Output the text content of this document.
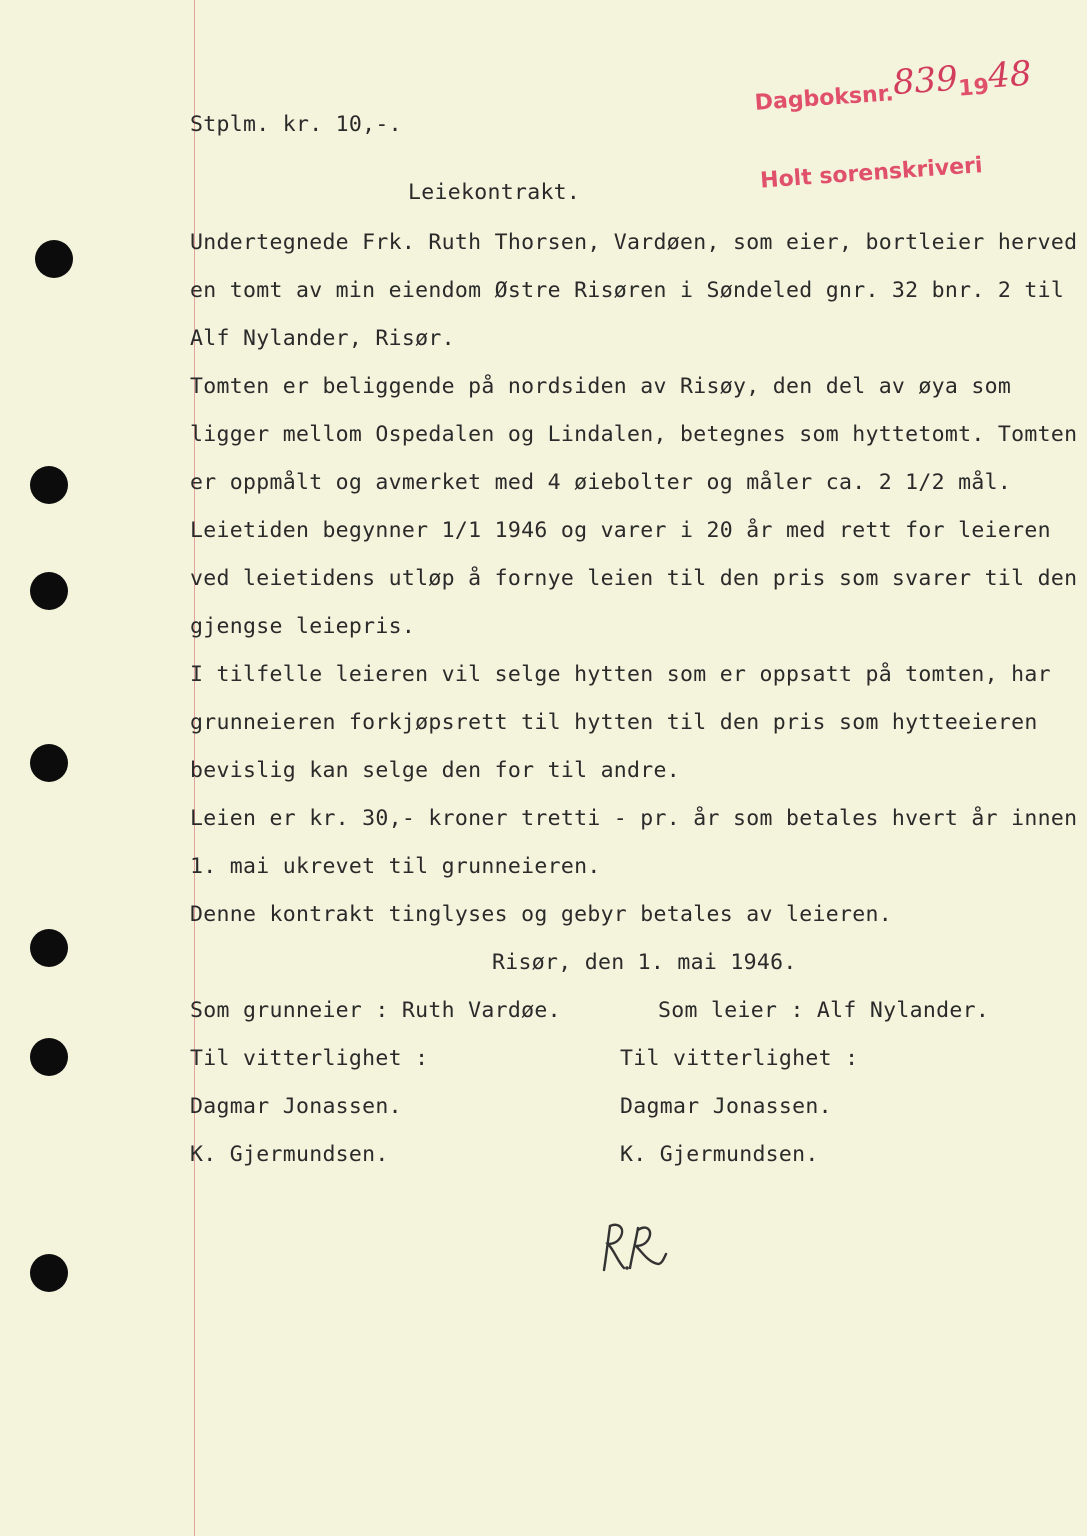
Dagboksnr.8391948

Holt sorenskriveri

Stplm. kr. 10,-.
Leiekontrakt.
Undertegnede Frk. Ruth Thorsen, Vardøen, som eier, bortleier herved
en tomt av min eiendom Østre Risøren i Søndeled gnr. 32 bnr. 2 til
Alf Nylander, Risør.
Tomten er beliggende på nordsiden av Risøy, den del av øya som
ligger mellom Ospedalen og Lindalen, betegnes som hyttetomt. Tomten
er oppmålt og avmerket med 4 øiebolter og måler ca. 2 1/2 mål.
Leietiden begynner 1/1 1946 og varer i 20 år med rett for leieren
ved leietidens utløp å fornye leien til den pris som svarer til den
gjengse leiepris.
I tilfelle leieren vil selge hytten som er oppsatt på tomten, har
grunneieren forkjøpsrett til hytten til den pris som hytteeieren
bevislig kan selge den for til andre.
Leien er kr. 30,- kroner tretti - pr. år som betales hvert år innen
1. mai ukrevet til grunneieren.
Denne kontrakt tinglyses og gebyr betales av leieren.
Risør, den 1. mai 1946.
Som grunneier : Ruth Vardøe.
Til vitterlighet :
Dagmar Jonassen.
K. Gjermundsen.
Som leier : Alf Nylander.
Til vitterlighet :
Dagmar Jonassen.
K. Gjermundsen.
